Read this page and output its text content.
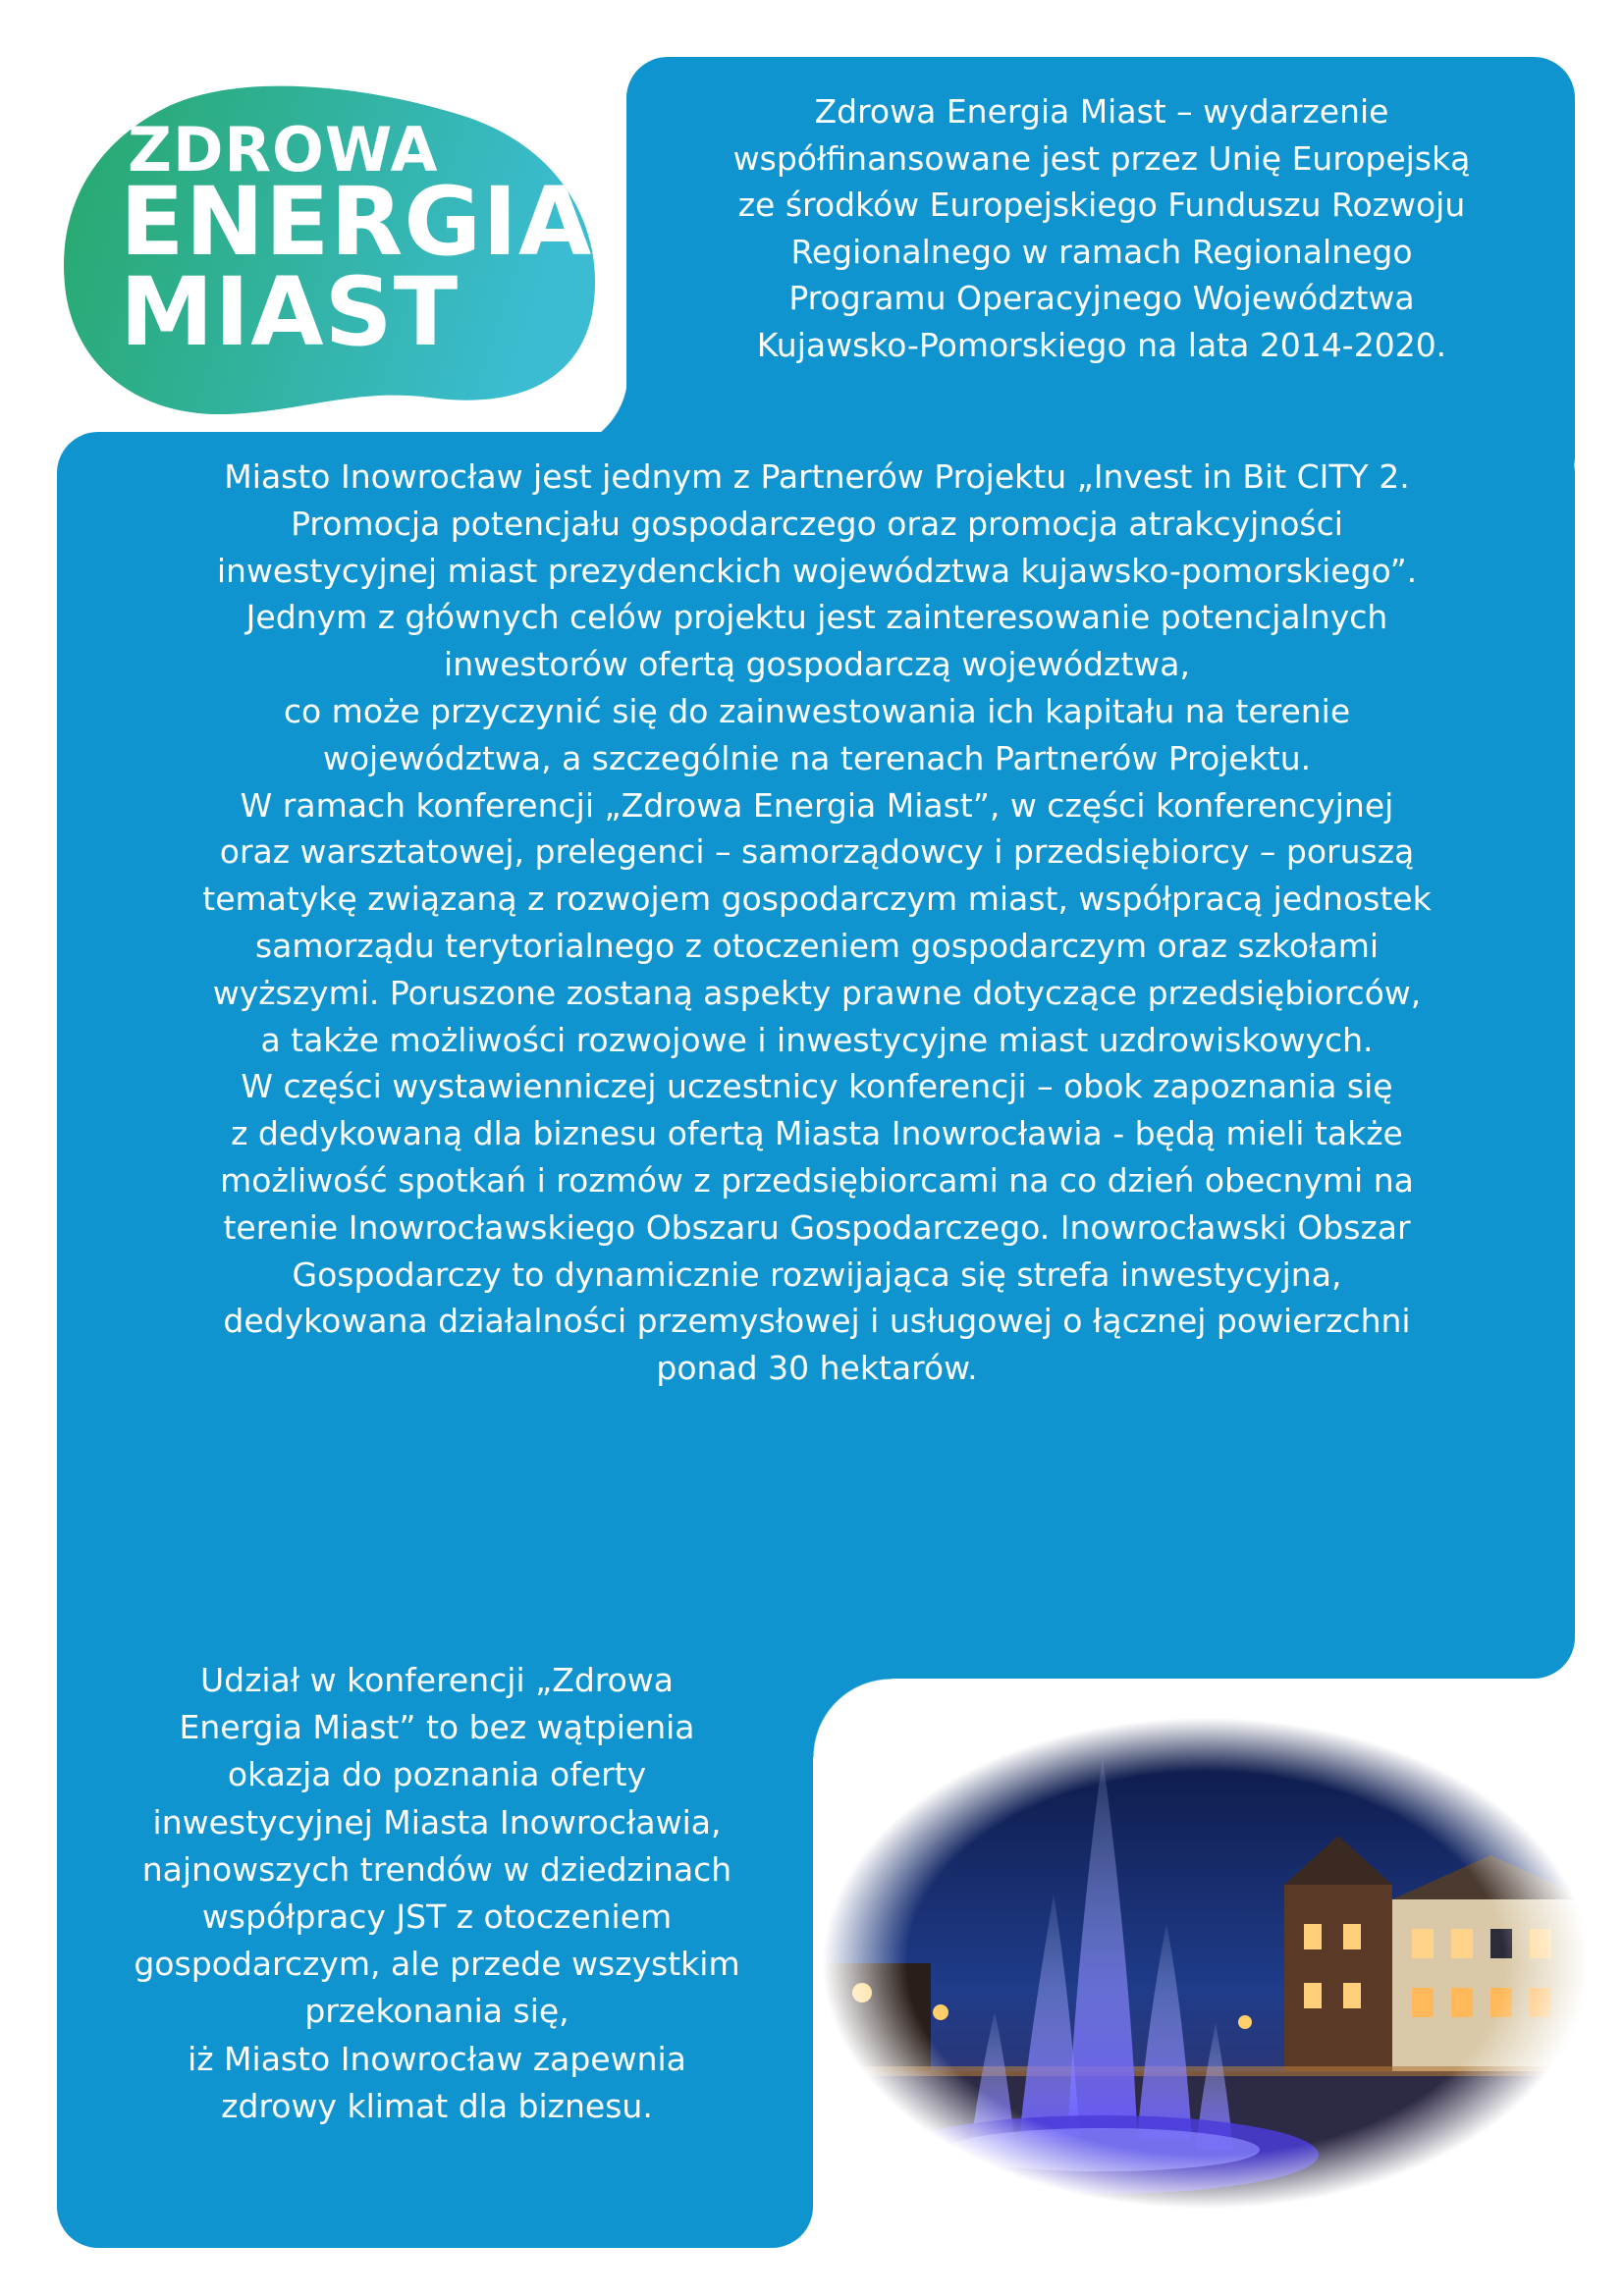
ZDROWA
ENERGIA
MIAST
Zdrowa Energia Miast – wydarzenie
współfinansowane jest przez Unię Europejską
ze środków Europejskiego Funduszu Rozwoju
Regionalnego w ramach Regionalnego
Programu Operacyjnego Województwa
Kujawsko-Pomorskiego na lata 2014-2020.
Miasto Inowrocław jest jednym z Partnerów Projektu „Invest in Bit CITY 2.
Promocja potencjału gospodarczego oraz promocja atrakcyjności
inwestycyjnej miast prezydenckich województwa kujawsko-pomorskiego”.
Jednym z głównych celów projektu jest zainteresowanie potencjalnych
inwestorów ofertą gospodarczą województwa,
co może przyczynić się do zainwestowania ich kapitału na terenie
województwa, a szczególnie na terenach Partnerów Projektu.
W ramach konferencji „Zdrowa Energia Miast”, w części konferencyjnej
oraz warsztatowej, prelegenci – samorządowcy i przedsiębiorcy – poruszą
tematykę związaną z rozwojem gospodarczym miast, współpracą jednostek
samorządu terytorialnego z otoczeniem gospodarczym oraz szkołami
wyższymi. Poruszone zostaną aspekty prawne dotyczące przedsiębiorców,
a także możliwości rozwojowe i inwestycyjne miast uzdrowiskowych.
W części wystawienniczej uczestnicy konferencji – obok zapoznania się
z dedykowaną dla biznesu ofertą Miasta Inowrocławia - będą mieli także
możliwość spotkań i rozmów z przedsiębiorcami na co dzień obecnymi na
terenie Inowrocławskiego Obszaru Gospodarczego. Inowrocławski Obszar
Gospodarczy to dynamicznie rozwijająca się strefa inwestycyjna,
dedykowana działalności przemysłowej i usługowej o łącznej powierzchni
ponad 30 hektarów.
Udział w konferencji „Zdrowa
Energia Miast” to bez wątpienia
okazja do poznania oferty
inwestycyjnej Miasta Inowrocławia,
najnowszych trendów w dziedzinach
współpracy JST z otoczeniem
gospodarczym, ale przede wszystkim
przekonania się,
iż Miasto Inowrocław zapewnia
zdrowy klimat dla biznesu.
